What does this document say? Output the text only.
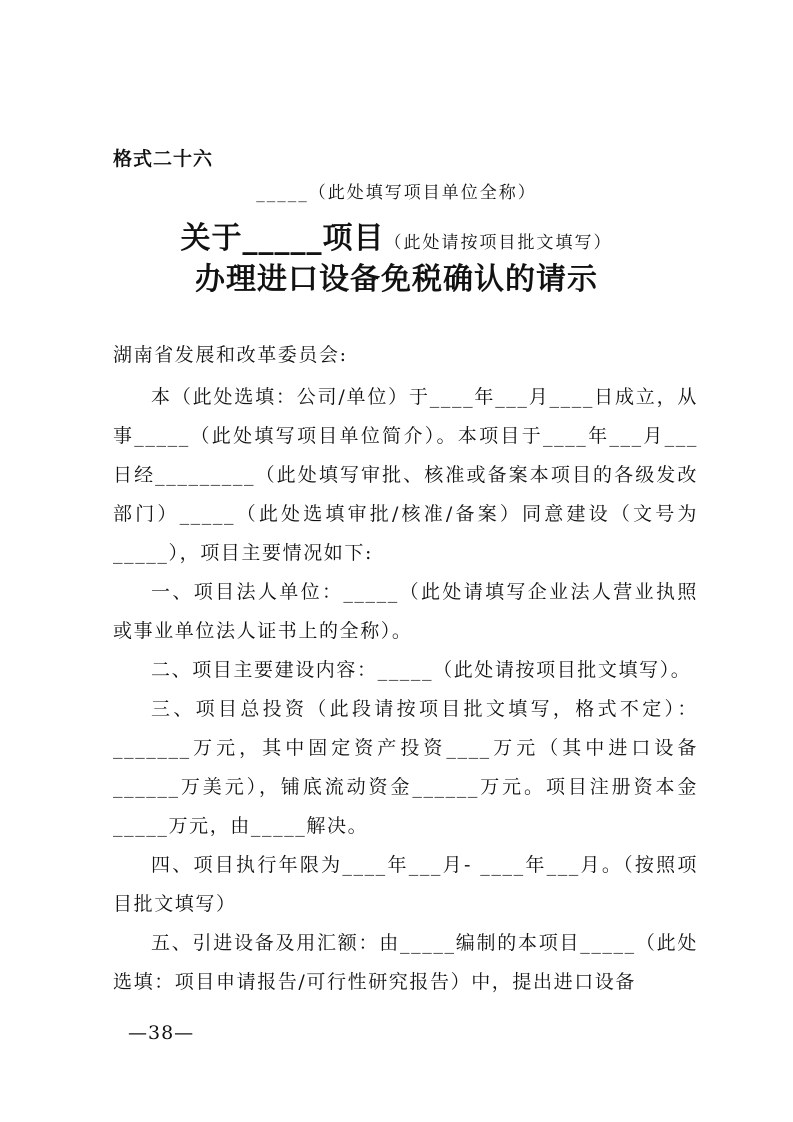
格式二十六
_____（此处填写项目单位全称）
关于_____项目（此处请按项目批文填写）
办理进口设备免税确认的请示
湖南省发展和改革委员会:

本（此处选填：公司/单位）于____年___月____日成立，从事_____（此处填写项目单位简介）。本项目于____年___月___日经_________（此处填写审批、核准或备案本项目的各级发改部门）_____（此处选填审批/核准/备案）同意建设（文号为 _____），项目主要情况如下:

一、项目法人单位：_____（此处请填写企业法人营业执照或事业单位法人证书上的全称）。

二、项目主要建设内容：_____（此处请按项目批文填写）。

三、项目总投资（此段请按项目批文填写，格式不定）：_______万元，其中固定资产投资____万元（其中进口设备______万美元），铺底流动资金______万元。项目注册资本金_____万元，由_____解决。

四、项目执行年限为____年___月- ____年___月。（按照项目批文填写）

五、引进设备及用汇额：由_____编制的本项目_____（此处选填：项目申请报告/可行性研究报告）中，提出进口设备

—38—
